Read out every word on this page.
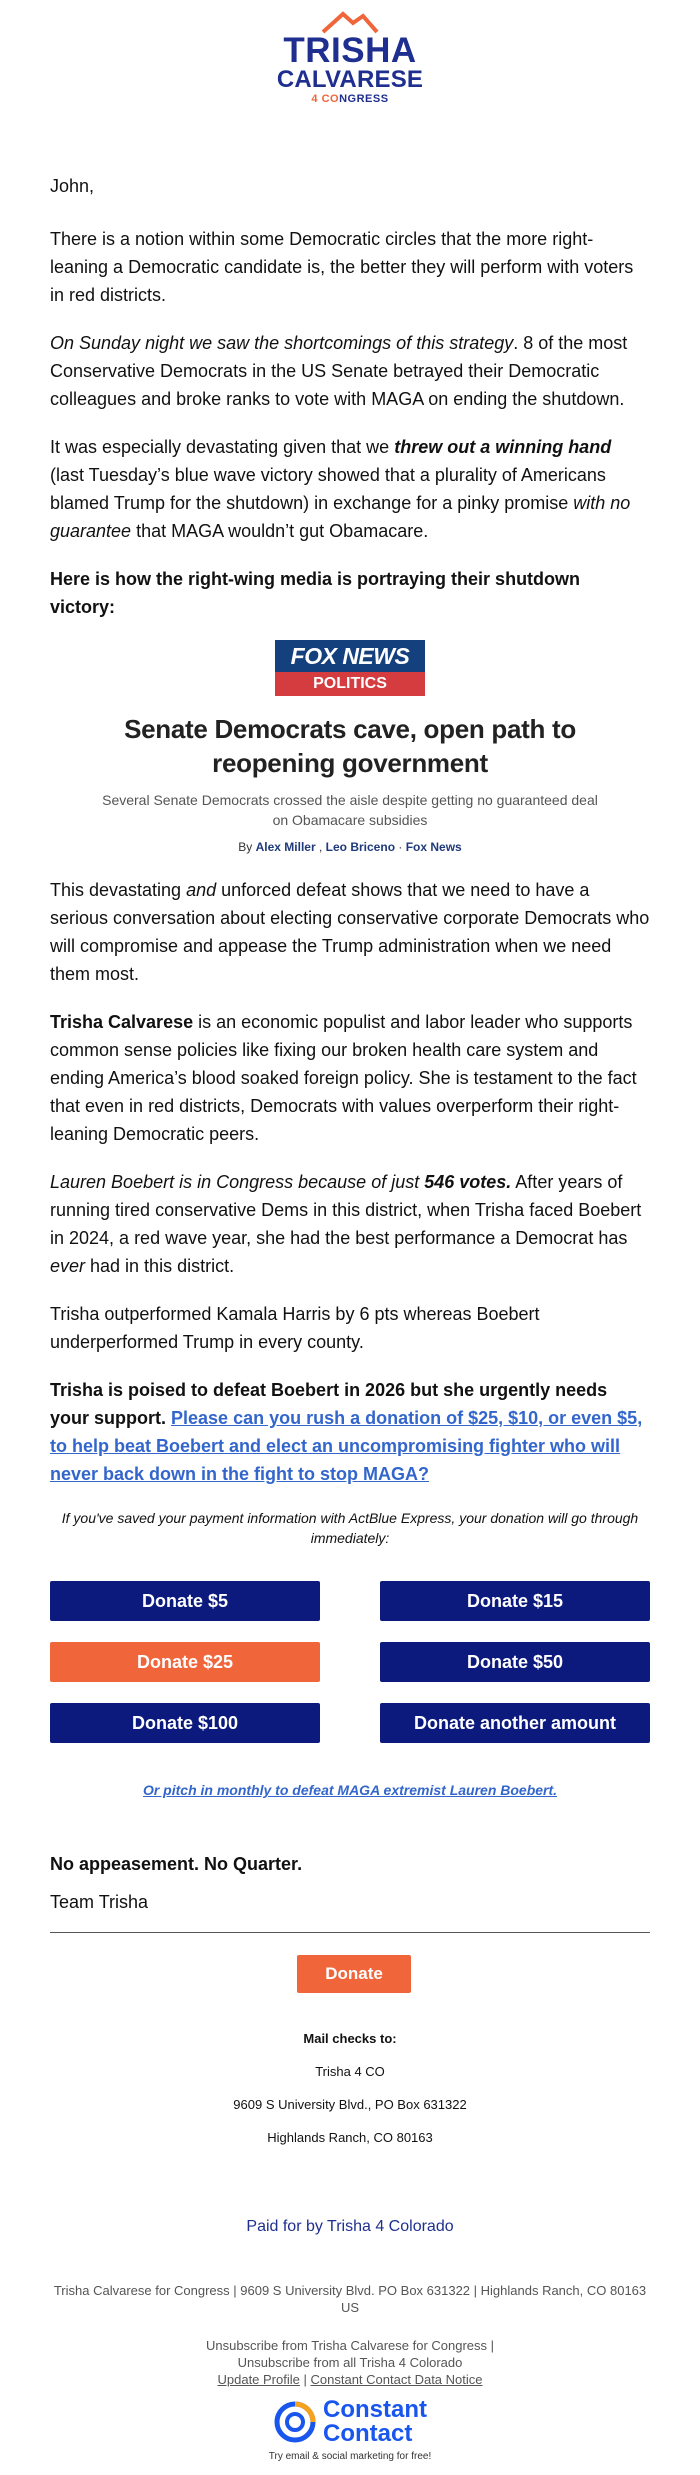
TRISHA
CALVARESE
4 CONGRESS

John,

There is a notion within some Democratic circles that the more right-leaning a Democratic candidate is, the better they will perform with voters in red districts.

On Sunday night we saw the shortcomings of this strategy. 8 of the most Conservative Democrats in the US Senate betrayed their Democratic colleagues and broke ranks to vote with MAGA on ending the shutdown.

It was especially devastating given that we threw out a winning hand (last Tuesday’s blue wave victory showed that a plurality of Americans blamed Trump for the shutdown) in exchange for a pinky promise with no guarantee that MAGA wouldn’t gut Obamacare.

Here is how the right-wing media is portraying their shutdown victory:

FOX NEWS
POLITICS
Senate Democrats cave, open path to reopening government
Several Senate Democrats crossed the aisle despite getting no guaranteed deal on Obamacare subsidies
By Alex Miller , Leo Briceno · Fox News

This devastating and unforced defeat shows that we need to have a serious conversation about electing conservative corporate Democrats who will compromise and appease the Trump administration when we need them most.

Trisha Calvarese is an economic populist and labor leader who supports common sense policies like fixing our broken health care system and ending America’s blood soaked foreign policy. She is testament to the fact that even in red districts, Democrats with values overperform their right-leaning Democratic peers.

Lauren Boebert is in Congress because of just 546 votes. After years of running tired conservative Dems in this district, when Trisha faced Boebert in 2024, a red wave year, she had the best performance a Democrat has ever had in this district.

Trisha outperformed Kamala Harris by 6 pts whereas Boebert underperformed Trump in every county.

Trisha is poised to defeat Boebert in 2026 but she urgently needs your support. Please can you rush a donation of $25, $10, or even $5, to help beat Boebert and elect an uncompromising fighter who will never back down in the fight to stop MAGA?

If you've saved your payment information with ActBlue Express, your donation will go through immediately:
Donate $5	Donate $15
Donate $25	Donate $50
Donate $100	Donate another amount
Or pitch in monthly to defeat MAGA extremist Lauren Boebert.

No appeasement. No Quarter.

Team Trisha

Donate
Mail checks to:
Trisha 4 CO
9609 S University Blvd., PO Box 631322
Highlands Ranch, CO 80163
Paid for by Trisha 4 Colorado
Trisha Calvarese for Congress | 9609 S University Blvd. PO Box 631322 | Highlands Ranch, CO 80163 US
Unsubscribe from Trisha Calvarese for Congress |
Unsubscribe from all Trisha 4 Colorado
Update Profile | Constant Contact Data Notice
Constant
Contact
Try email & social marketing for free!
